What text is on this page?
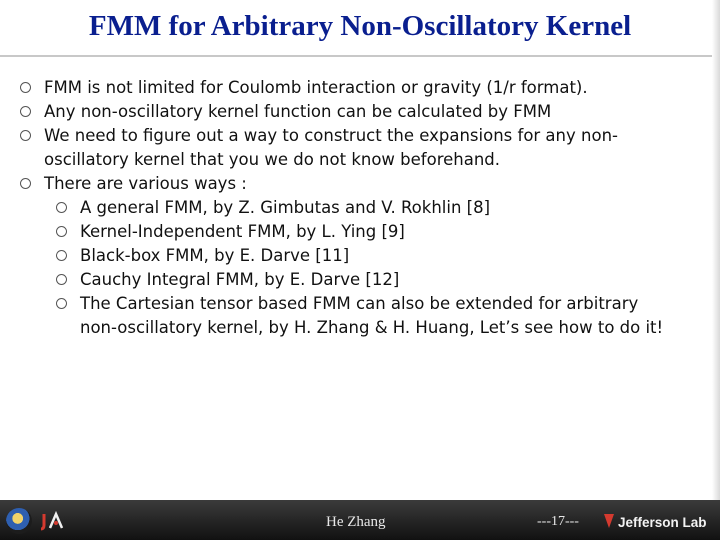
FMM for Arbitrary Non-Oscillatory Kernel
FMM is not limited for Coulomb interaction or gravity (1/r format).
Any non-oscillatory kernel function can be calculated by FMM
We need to figure out a way to construct the expansions for any non-oscillatory kernel that you we do not know beforehand.
There are various ways :
A general FMM, by Z. Gimbutas and V. Rokhlin [8]
Kernel-Independent FMM, by L. Ying [9]
Black-box FMM, by E. Darve [11]
Cauchy Integral FMM, by E. Darve [12]
The Cartesian tensor based FMM can also be extended for arbitrary non-oscillatory kernel, by H. Zhang & H. Huang, Let’s see how to do it!
He Zhang	---17---	Jefferson Lab
